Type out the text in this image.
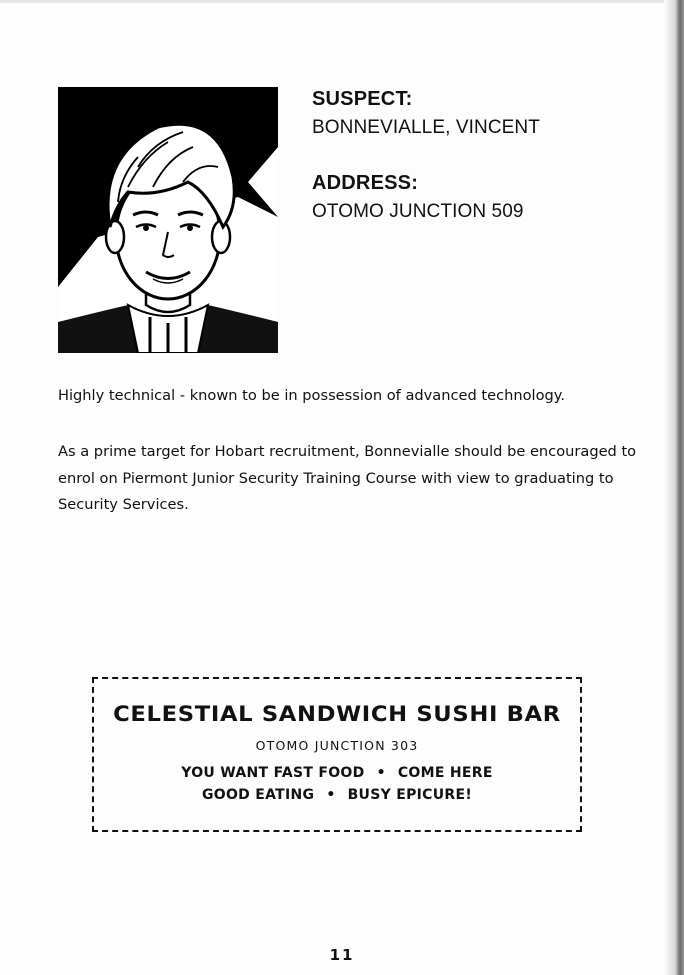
SUSPECT:
BONNEVIALLE, VINCENT
ADDRESS:
OTOMO JUNCTION 509

Highly technical - known to be in possession of advanced technology.

As a prime target for Hobart recruitment, Bonnevialle should be encouraged to enrol on Piermont Junior Security Training Course with view to graduating to Security Services.

CELESTIAL SANDWICH SUSHI BAR
OTOMO JUNCTION 303
YOU WANT FAST FOOD • COME HERE
GOOD EATING • BUSY EPICURE!
11
